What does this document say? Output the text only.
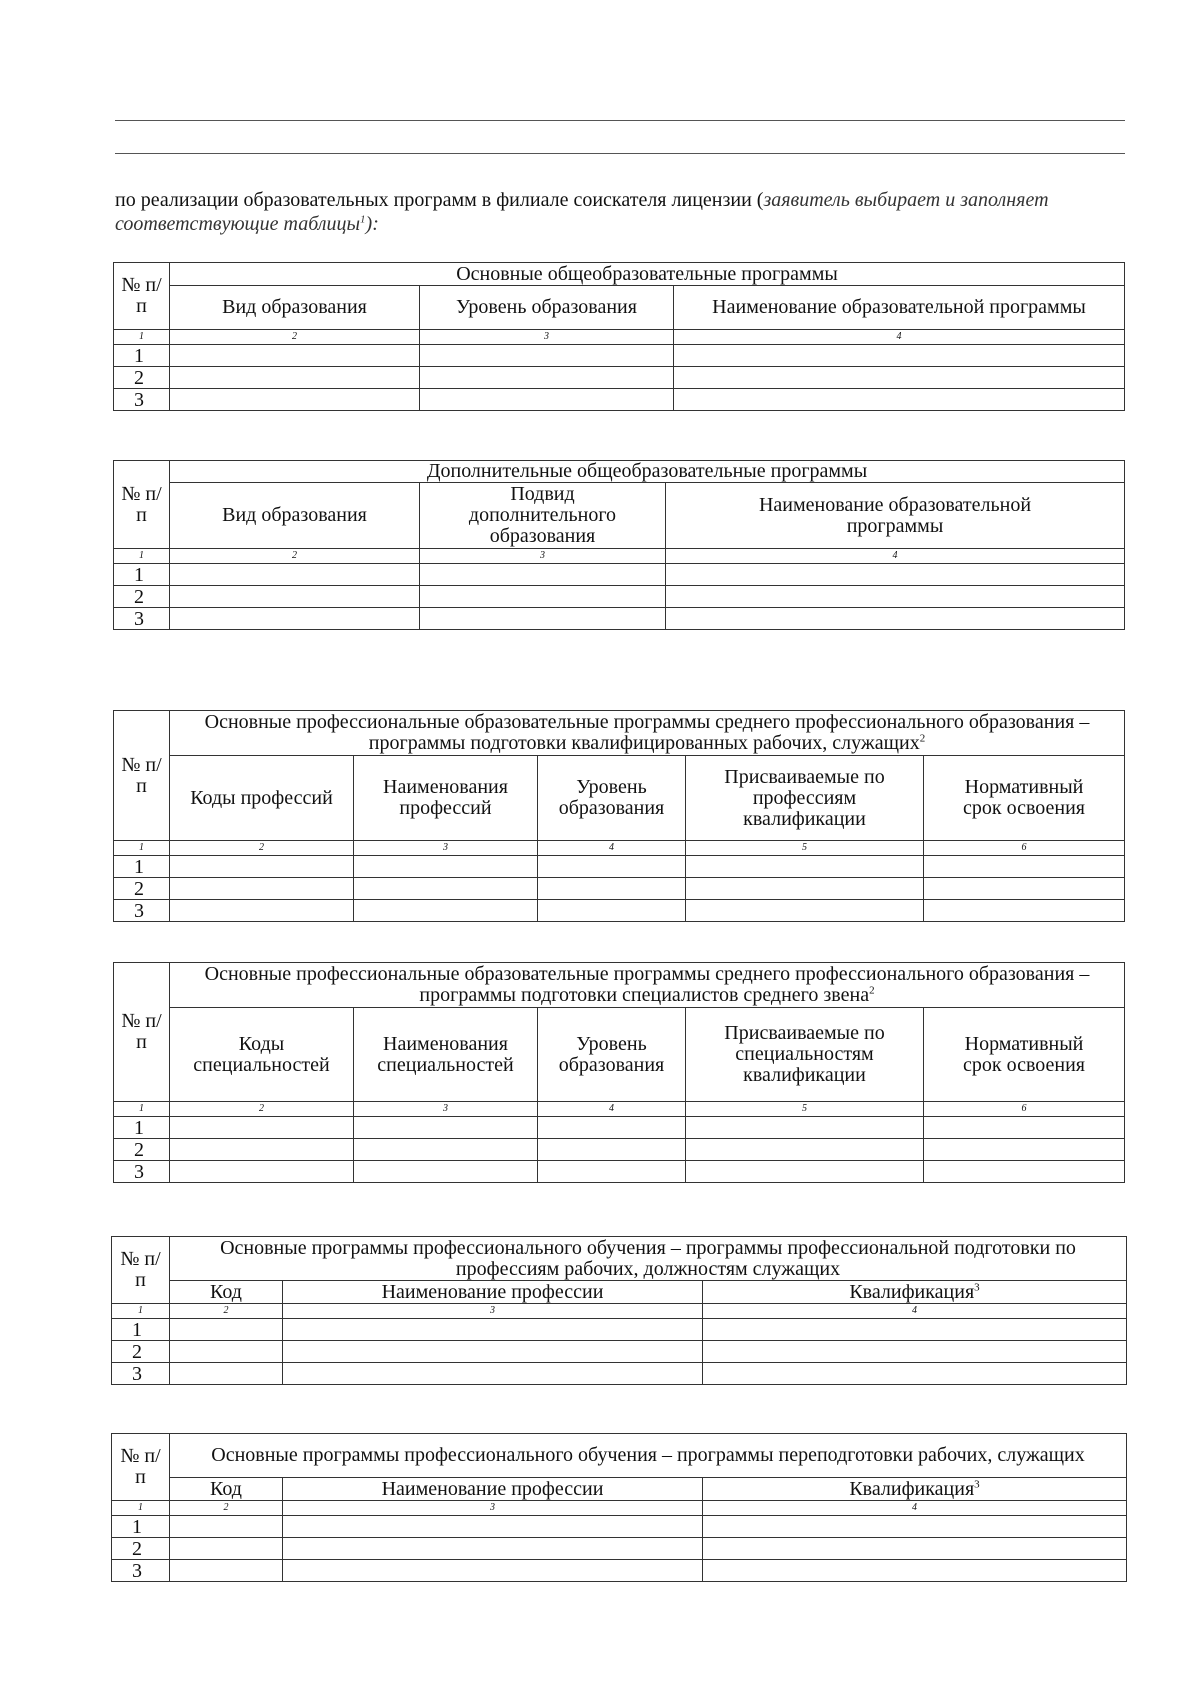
по реализации образовательных программ в филиале соискателя лицензии (заявитель выбирает и заполняет соответствующие таблицы$^1$):
№ п/п	Основные общеобразовательные программы		
	Вид образования	Уровень образования	Наименование образовательной программы
1	2	3	4
1			
2			
3			
№ п/п	Дополнительные общеобразовательные программы		
	Вид образования	Подвид дополнительного образования	Наименование образовательной программы
1	2	3	4
1			
2			
3			
№ п/п	Основные профессиональные образовательные программы среднего профессионального образования – программы подготовки квалифицированных рабочих, служащих$^2$
	Коды профессий	Наименования профессий	Уровень образования	Присваиваемые по профессиям квалификации	Нормативный срок освоения
1	2	3	4	5	6
1					
2					
3					
№ п/п	Основные профессиональные образовательные программы среднего профессионального образования – программы подготовки специалистов среднего звена$^2$
	Коды специальностей	Наименования специальностей	Уровень образования	Присваиваемые по специальностям квалификации	Нормативный срок освоения
1	2	3	4	5	6
1					
2					
3					
№ п/п	Основные программы профессионального обучения – программы профессиональной подготовки по профессиям рабочих, должностям служащих		
	Код	Наименование профессии	Квалификация$^3$
1	2	3	4
1			
2			
3			
№ п/п	Основные программы профессионального обучения – программы переподготовки рабочих, служащих		
	Код	Наименование профессии	Квалификация$^3$
1	2	3	4
1			
2			
3			
